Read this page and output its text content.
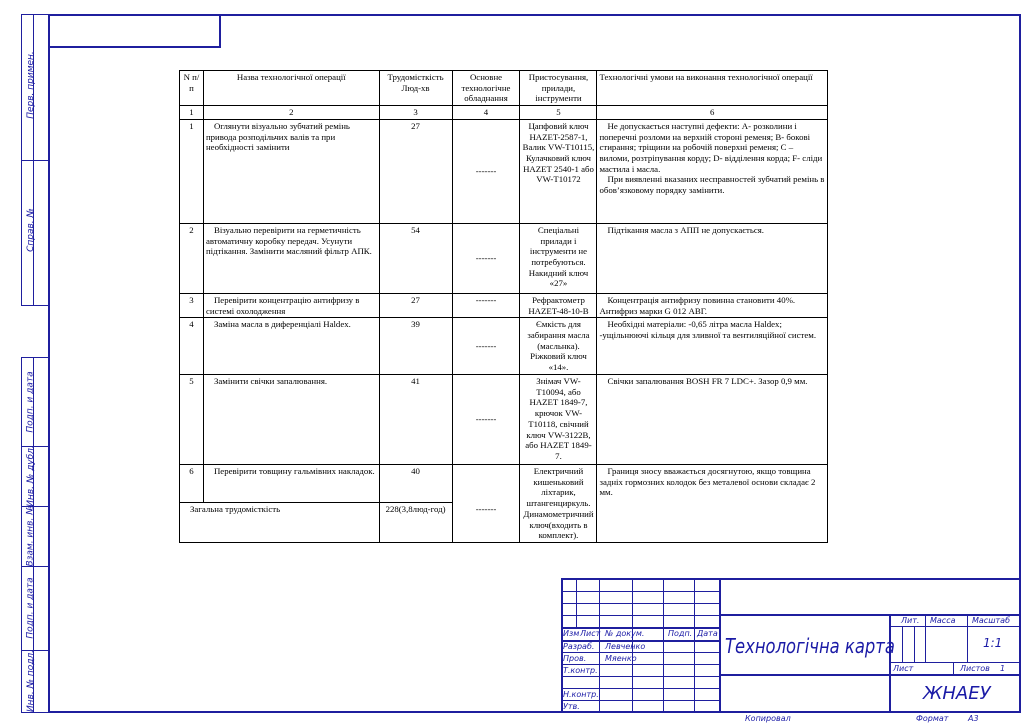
Перв. примен.
Справ. №
Подп. и дата
Инв. № дубл.
Взам. инв. №
Подп. и дата
Инв. № подл.
N п/п	Назва технологічної операції	Трудомісткість Люд-хв	Основне технологічне обладнання	Пристосування, прилади, інструменти	Технологічні умови на виконання технологічної операції
1	2	3	4	5	6
1	Оглянути візуально зубчатий ремінь привода розподільчих валів та при необхідності замінити	27	-------	Цапфовий ключ HAZET-2587-1, Валик VW-T10115, Кулачковий ключ HAZET 2540-1 або VW-T10172	Не допускається наступні дефекти: А- розколини і поперечні розломи на верхній стороні ременя; В- бокові стирання; тріщини на робочій поверхні ременя; С – виломи, розтріпування корду; D- відділення корда; F- сліди мастила і масла.
При виявленні вказаних несправностей зубчатий ремінь в обов’язковому порядку замінити.

2	Візуально перевірити на герметичність автоматичну коробку передач. Усунути підтікання. Замінити масляний фільтр АПК.	54	-------	Спеціальні прилади і інструменти не потребуються. Накидний ключ «27»	Підтікання масла з АПП не допускається.
3	Перевірити концентрацію антифризу в системі охолодження	27	-------	Рефрактометр HAZET-48-10-B	Концентрація антифризу повинна становити 40%. Антифриз марки G 012 АВГ.
4	Заміна масла в диференціалі Haldex.	39	-------	Ємкість для забирання масла (масльнка). Ріжковий ключ «14».	Необхідні матеріали: -0,65 літра масла Haldex; -ущільнюючі кільця для зливної та вентиляційної систем.
5	Замінити свічки запалювання.	41	-------	Знімач VW-T10094, або HAZET 1849-7, крючок VW-T10118, свічний ключ VW-3122B, або HAZET 1849-7.	Свічки запалювання BOSH FR 7 LDC+. Зазор 0,9 мм.
6	Перевірити товщину гальмівних накладок.	40	-------	Електричний кишеньковий ліхтарик, штангенциркуль. Динамометричний ключ(входить в комплект).	Границя зносу вважається досягнутою, якщо товщина задніх гормозних колодок без металевої основи складає 2 мм.
Загальна трудомісткість		228(3,8люд-год)			
Изм Лист № докум.	Подп. Дата
Разраб.
Пров.
Т.контр.
Н.контр.
Утв.
Левченко
Мяенко
Технологічна карта
ЖНАЕУ
Лит. Масса Масштаб
1:1
Лист	Листов 1
Копировал	Формат А3
